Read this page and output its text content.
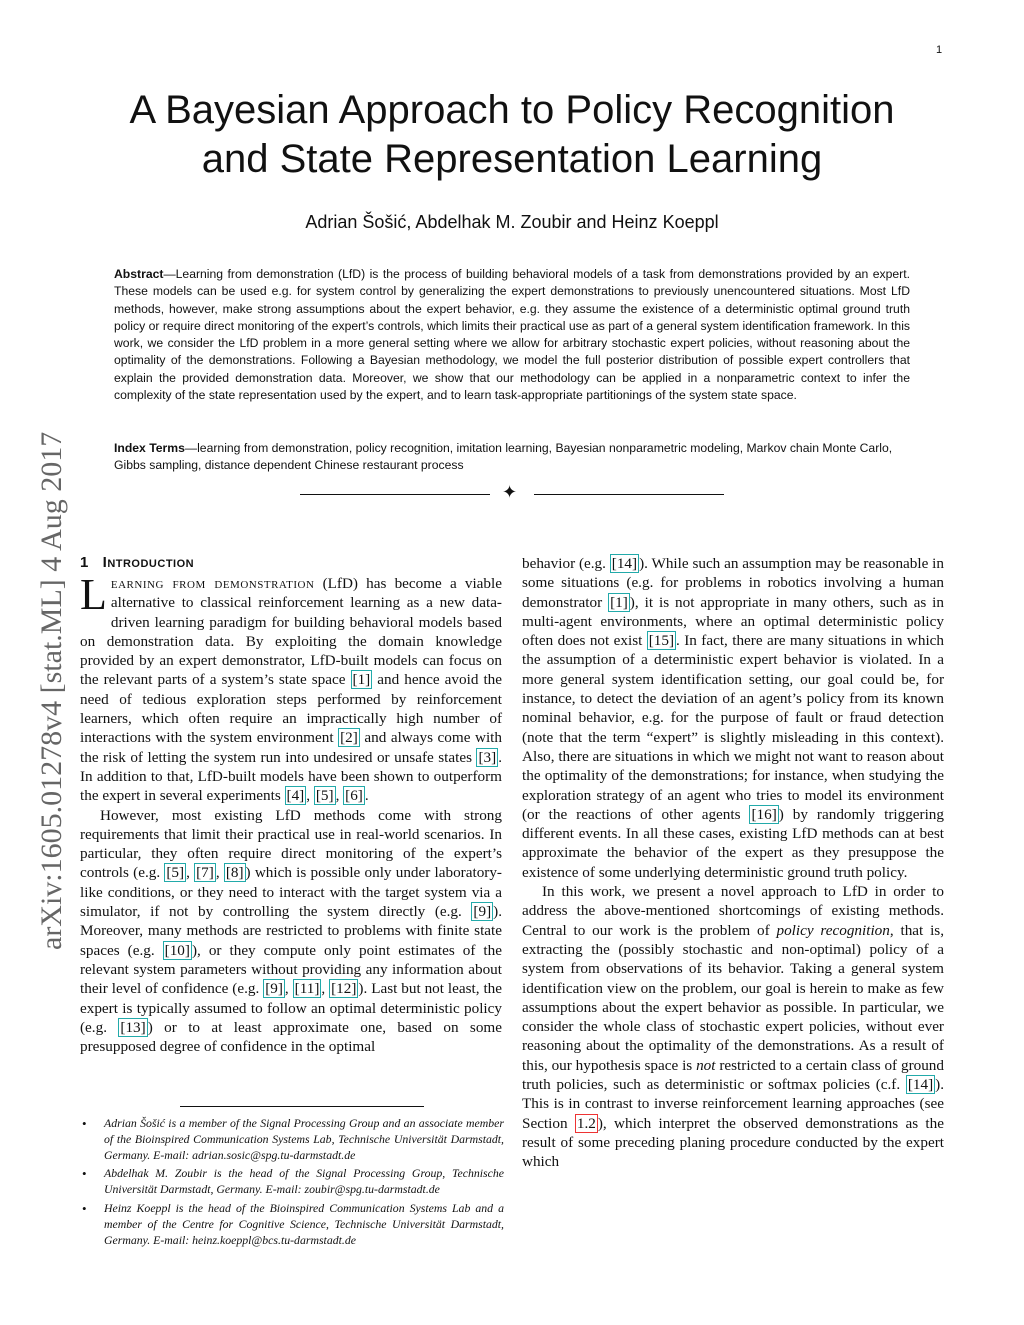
1
arXiv:1605.01278v4 [stat.ML] 4 Aug 2017
A Bayesian Approach to Policy Recognition
and State Representation Learning
Adrian Šošić, Abdelhak M. Zoubir and Heinz Koeppl
Abstract—Learning from demonstration (LfD) is the process of building behavioral models of a task from demonstrations provided by an expert. These models can be used e.g. for system control by generalizing the expert demonstrations to previously unencountered situations. Most LfD methods, however, make strong assumptions about the expert behavior, e.g. they assume the existence of a deterministic optimal ground truth policy or require direct monitoring of the expert’s controls, which limits their practical use as part of a general system identification framework. In this work, we consider the LfD problem in a more general setting where we allow for arbitrary stochastic expert policies, without reasoning about the optimality of the demonstrations. Following a Bayesian methodology, we model the full posterior distribution of possible expert controllers that explain the provided demonstration data. Moreover, we show that our methodology can be applied in a nonparametric context to infer the complexity of the state representation used by the expert, and to learn task-appropriate partitionings of the system state space.
Index Terms—learning from demonstration, policy recognition, imitation learning, Bayesian nonparametric modeling, Markov chain Monte Carlo, Gibbs sampling, distance dependent Chinese restaurant process
✦
1 Introduction

Learning from demonstration (LfD) has become a viable alternative to classical reinforcement learning as a new data-driven learning paradigm for building behavioral models based on demonstration data. By exploiting the domain knowledge provided by an expert demonstrator, LfD-built models can focus on the relevant parts of a system’s state space [1] and hence avoid the need of tedious exploration steps performed by reinforcement learners, which often require an impractically high number of interactions with the system environment [2] and always come with the risk of letting the system run into undesired or unsafe states [3] . In addition to that, LfD-built models have been shown to outperform the expert in several experiments [4] , [5] , [6] .

However, most existing LfD methods come with strong requirements that limit their practical use in real-world scenarios. In particular, they often require direct monitoring of the expert’s controls (e.g. [5] , [7] , [8] ) which is possible only under laboratory-like conditions, or they need to interact with the target system via a simulator, if not by controlling the system directly (e.g. [9] ). Moreover, many methods are restricted to problems with finite state spaces (e.g. [10] ), or they compute only point estimates of the relevant system parameters without providing any information about their level of confidence (e.g. [9] , [11] , [12] ). Last but not least, the expert is typically assumed to follow an optimal deterministic policy (e.g. [13] ) or to at least approximate one, based on some presupposed degree of confidence in the optimal

• Adrian Šošić is a member of the Signal Processing Group and an associate member of the Bioinspired Communication Systems Lab, Technische Universität Darmstadt, Germany. E-mail: adrian.sosic@spg.tu-darmstadt.de
• Abdelhak M. Zoubir is the head of the Signal Processing Group, Technische Universität Darmstadt, Germany. E-mail: zoubir@spg.tu-darmstadt.de
• Heinz Koeppl is the head of the Bioinspired Communication Systems Lab and a member of the Centre for Cognitive Science, Technische Universität Darmstadt, Germany. E-mail: heinz.koeppl@bcs.tu-darmstadt.de

behavior (e.g. [14] ). While such an assumption may be reasonable in some situations (e.g. for problems in robotics involving a human demonstrator [1] ), it is not appropriate in many others, such as in multi-agent environments, where an optimal deterministic policy often does not exist [15] . In fact, there are many situations in which the assumption of a deterministic expert behavior is violated. In a more general system identification setting, our goal could be, for instance, to detect the deviation of an agent’s policy from its known nominal behavior, e.g. for the purpose of fault or fraud detection (note that the term “expert” is slightly misleading in this context). Also, there are situations in which we might not want to reason about the optimality of the demonstrations; for instance, when studying the exploration strategy of an agent who tries to model its environment (or the reactions of other agents [16] ) by randomly triggering different events. In all these cases, existing LfD methods can at best approximate the behavior of the expert as they presuppose the existence of some underlying deterministic ground truth policy.

In this work, we present a novel approach to LfD in order to address the above-mentioned shortcomings of existing methods. Central to our work is the problem of policy recognition, that is, extracting the (possibly stochastic and non-optimal) policy of a system from observations of its behavior. Taking a general system identification view on the problem, our goal is herein to make as few assumptions about the expert behavior as possible. In particular, we consider the whole class of stochastic expert policies, without ever reasoning about the optimality of the demonstrations. As a result of this, our hypothesis space is not restricted to a certain class of ground truth policies, such as deterministic or softmax policies (c.f. [14] ). This is in contrast to inverse reinforcement learning approaches (see Section 1.2 ), which interpret the observed demonstrations as the result of some preceding planing procedure conducted by the expert which
